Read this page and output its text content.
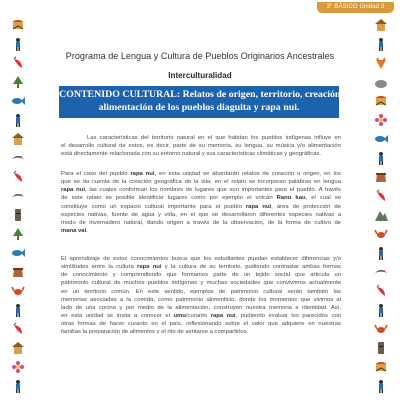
3° BÁSICO Unidad 3
Programa de Lengua y Cultura de Pueblos Originarios Ancestrales
Interculturalidad
CONTENIDO CULTURAL: Relatos de origen, territorio, creación y
alimentación de los pueblos diaguita y rapa nui.
Las características del territorio natural en el que habitan los pueblos indígenas influye en
el desarrollo cultural de estos, es decir, parte de su memoria, su lengua, su música y/o alimentación
está directamente relacionada con su entorno natural y sus características climáticas y geográficas.
Para el caso del pueblo rapa nui, en esta unidad se abordarán relatos de creación u origen, en los
que se da cuenta de la creación geográfica de la isla, en el relato se incorporan palabras en lengua
rapa nui, las cuales conforman los nombres de lugares que son importantes para el pueblo. A través
de este relato es posible identificar lugares como por ejemplo el volcán Ranu kau, el cual se
constituye como un espacio cultural importante para el pueblo rapa nui, área de protección de
especies nativas, fuente de agua y vida, en el que se desarrollaron diferentes especies nativas a
modo de invernadero natural, dando origen a través de la observación, de la forma de cultivo de
mana vai.
El aprendizaje de estos conocimientos busca que los estudiantes puedan establecer diferencias y/o
similitudes entre la cultura rapa nui y la cultura de su territorio, pudiendo contrastar ambas formas
de conocimiento y comprendiendo que formamos parte de un tejido social que articula un
patrimonio cultural de muchos pueblos indígenas y muchas sociedades que convivimos actualmente
en un territorio común. En este sentido, ejemplos de patrimonio cultural serán también las
memorias asociadas a la comida, como patrimonio alimenticio, donde los momentos que vivimos al
lado de una cocina y por medio de la alimentación, construyen nuestra memoria e identidad. Así,
en esta unidad se invita a conocer el umu/curanto rapa nui, pudiendo evaluar los parecidos con
otras formas de hacer curanto en el país, reflexionando sobre el valor que adquiere en nuestras
familias la preparación de alimentos y el rito de sentarse a compartirlos.
